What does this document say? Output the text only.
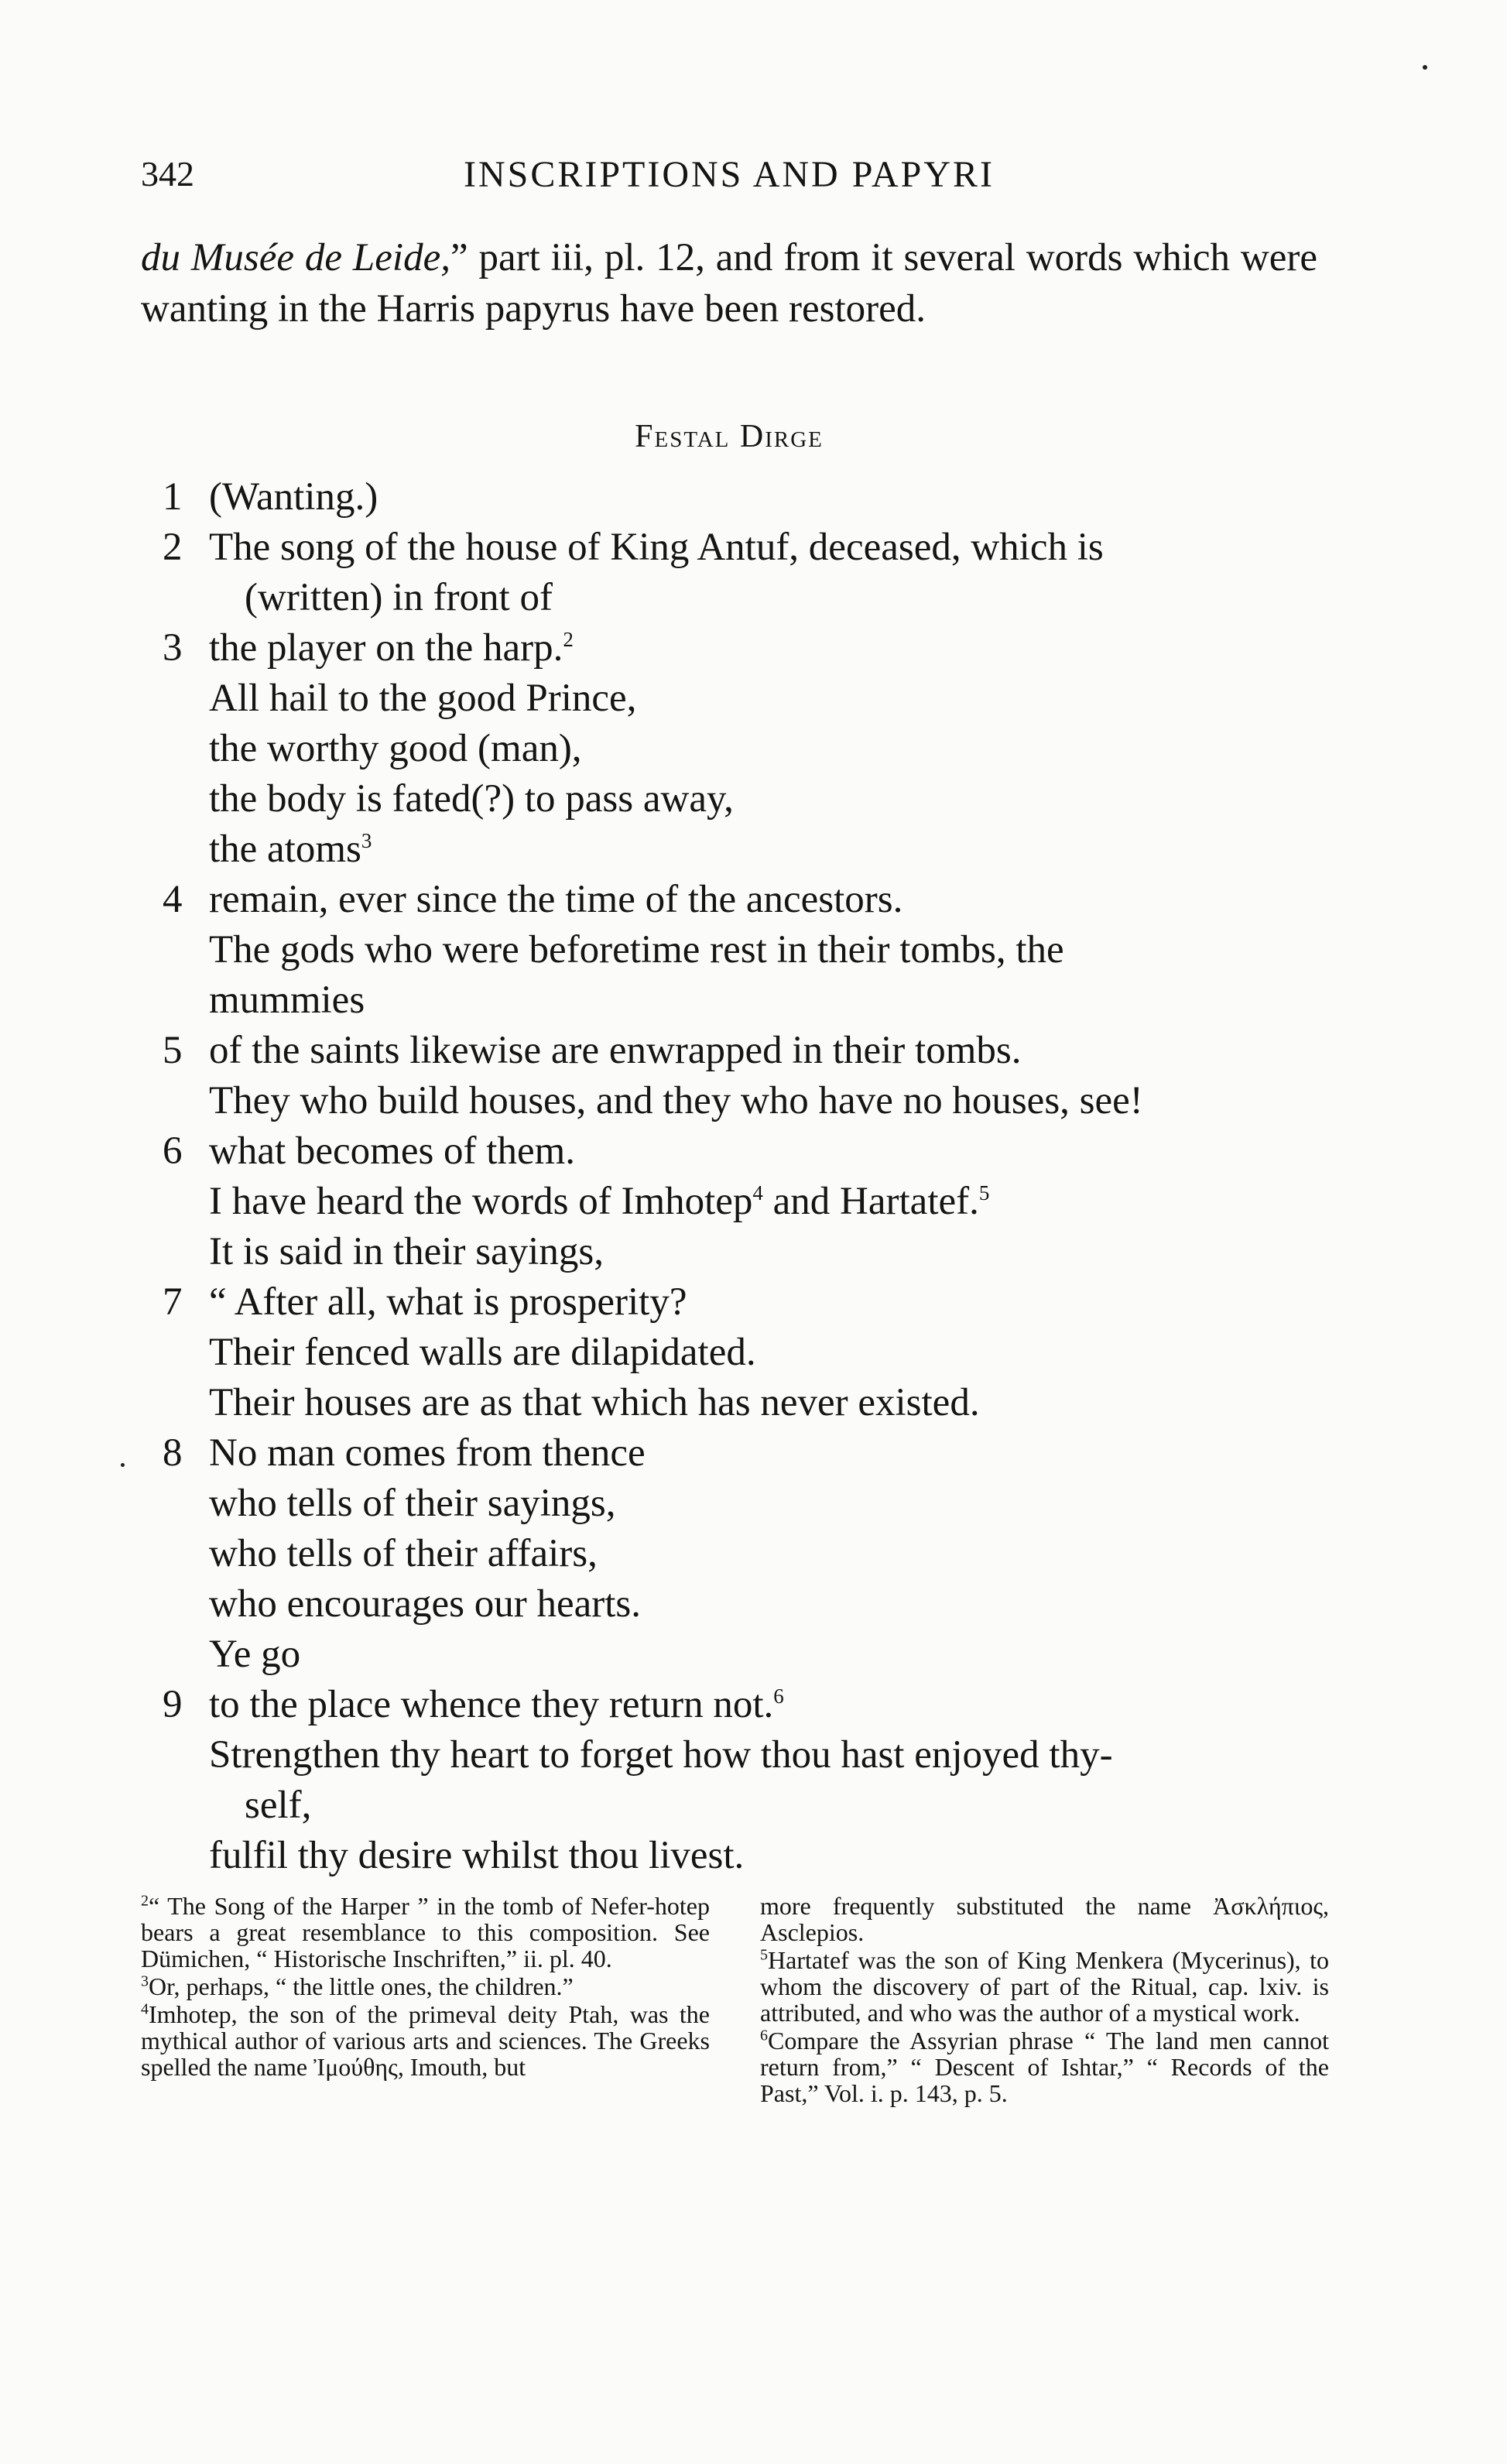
342	INSCRIPTIONS AND PAPYRI

du Musée de Leide,” part iii, pl. 12, and from it several words which were wanting in the Harris papyrus have been restored.

Festal Dirge
1 (Wanting.)
2 The song of the house of King Antuf, deceased, which is
(written) in front of
3 the player on the harp.$^2$
All hail to the good Prince,
the worthy good (man),
the body is fated(?) to pass away,
the atoms$^3$
4 remain, ever since the time of the ancestors.
The gods who were beforetime rest in their tombs, the
mummies
5 of the saints likewise are enwrapped in their tombs.
They who build houses, and they who have no houses, see!
6 what becomes of them.
I have heard the words of Imhotep$^4$ and Hartatef.$^5$
It is said in their sayings,
7 “ After all, what is prosperity?
Their fenced walls are dilapidated.
Their houses are as that which has never existed.
8 No man comes from thence
who tells of their sayings,
who tells of their affairs,
who encourages our hearts.
Ye go
9 to the place whence they return not.$^6$
Strengthen thy heart to forget how thou hast enjoyed thy-
self,
fulfil thy desire whilst thou livest.

$^2$“ The Song of the Harper ” in the tomb of Nefer-hotep bears a great resemblance to this composition. See Dümichen, “ Historische Inschriften,” ii. pl. 40.

$^3$Or, perhaps, “ the little ones, the children.”

$^4$Imhotep, the son of the primeval deity Ptah, was the mythical author of various arts and sciences. The Greeks spelled the name Ἰμούθης, Imouth, but

more frequently substituted the name Ἀσκλήπιος, Asclepios.

$^5$Hartatef was the son of King Menkera (Mycerinus), to whom the discovery of part of the Ritual, cap. lxiv. is attributed, and who was the author of a mystical work.

$^6$Compare the Assyrian phrase “ The land men cannot return from,” “ Descent of Ishtar,” “ Records of the Past,” Vol. i. p. 143, p. 5.
